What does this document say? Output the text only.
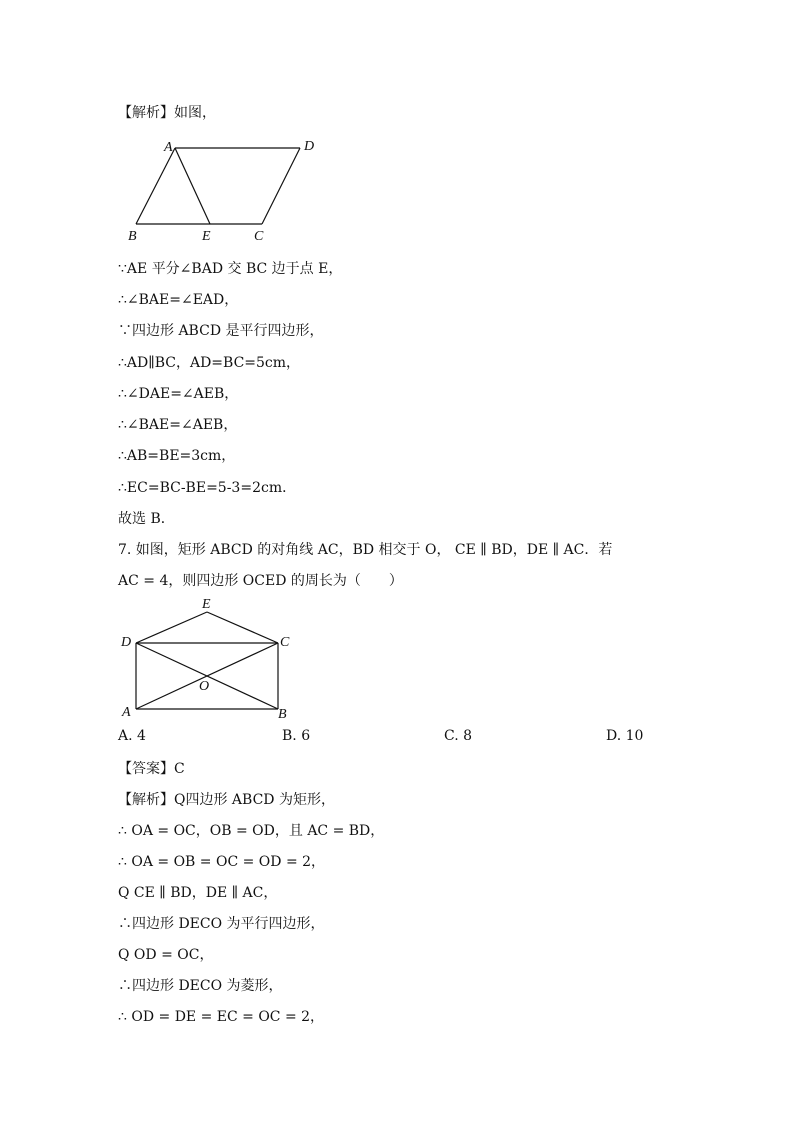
【解析】如图，
A	D
B	E	C
∵AE 平分∠BAD 交 BC 边于点 E，
∴∠BAE=∠EAD，
∵四边形 ABCD 是平行四边形，
∴AD∥BC，AD=BC=5cm，
∴∠DAE=∠AEB，
∴∠BAE=∠AEB，
∴AB=BE=3cm，
∴EC=BC-BE=5-3=2cm．
故选 B．
7. 如图，矩形 ABCD 的对角线 AC，BD 相交于 O， CE ∥ BD，DE ∥ AC．若
AC = 4，则四边形 OCED 的周长为（　　）
E
D	C
O
A	B
A. 4	B. 6	C. 8	D. 10
【答案】C
【解析】Q四边形 ABCD 为矩形，
∴ OA = OC，OB = OD，且 AC = BD，
∴ OA = OB = OC = OD = 2，
Q CE ∥ BD，DE ∥ AC，
∴四边形 DECO 为平行四边形，
Q OD = OC，
∴四边形 DECO 为菱形，
∴ OD = DE = EC = OC = 2，
